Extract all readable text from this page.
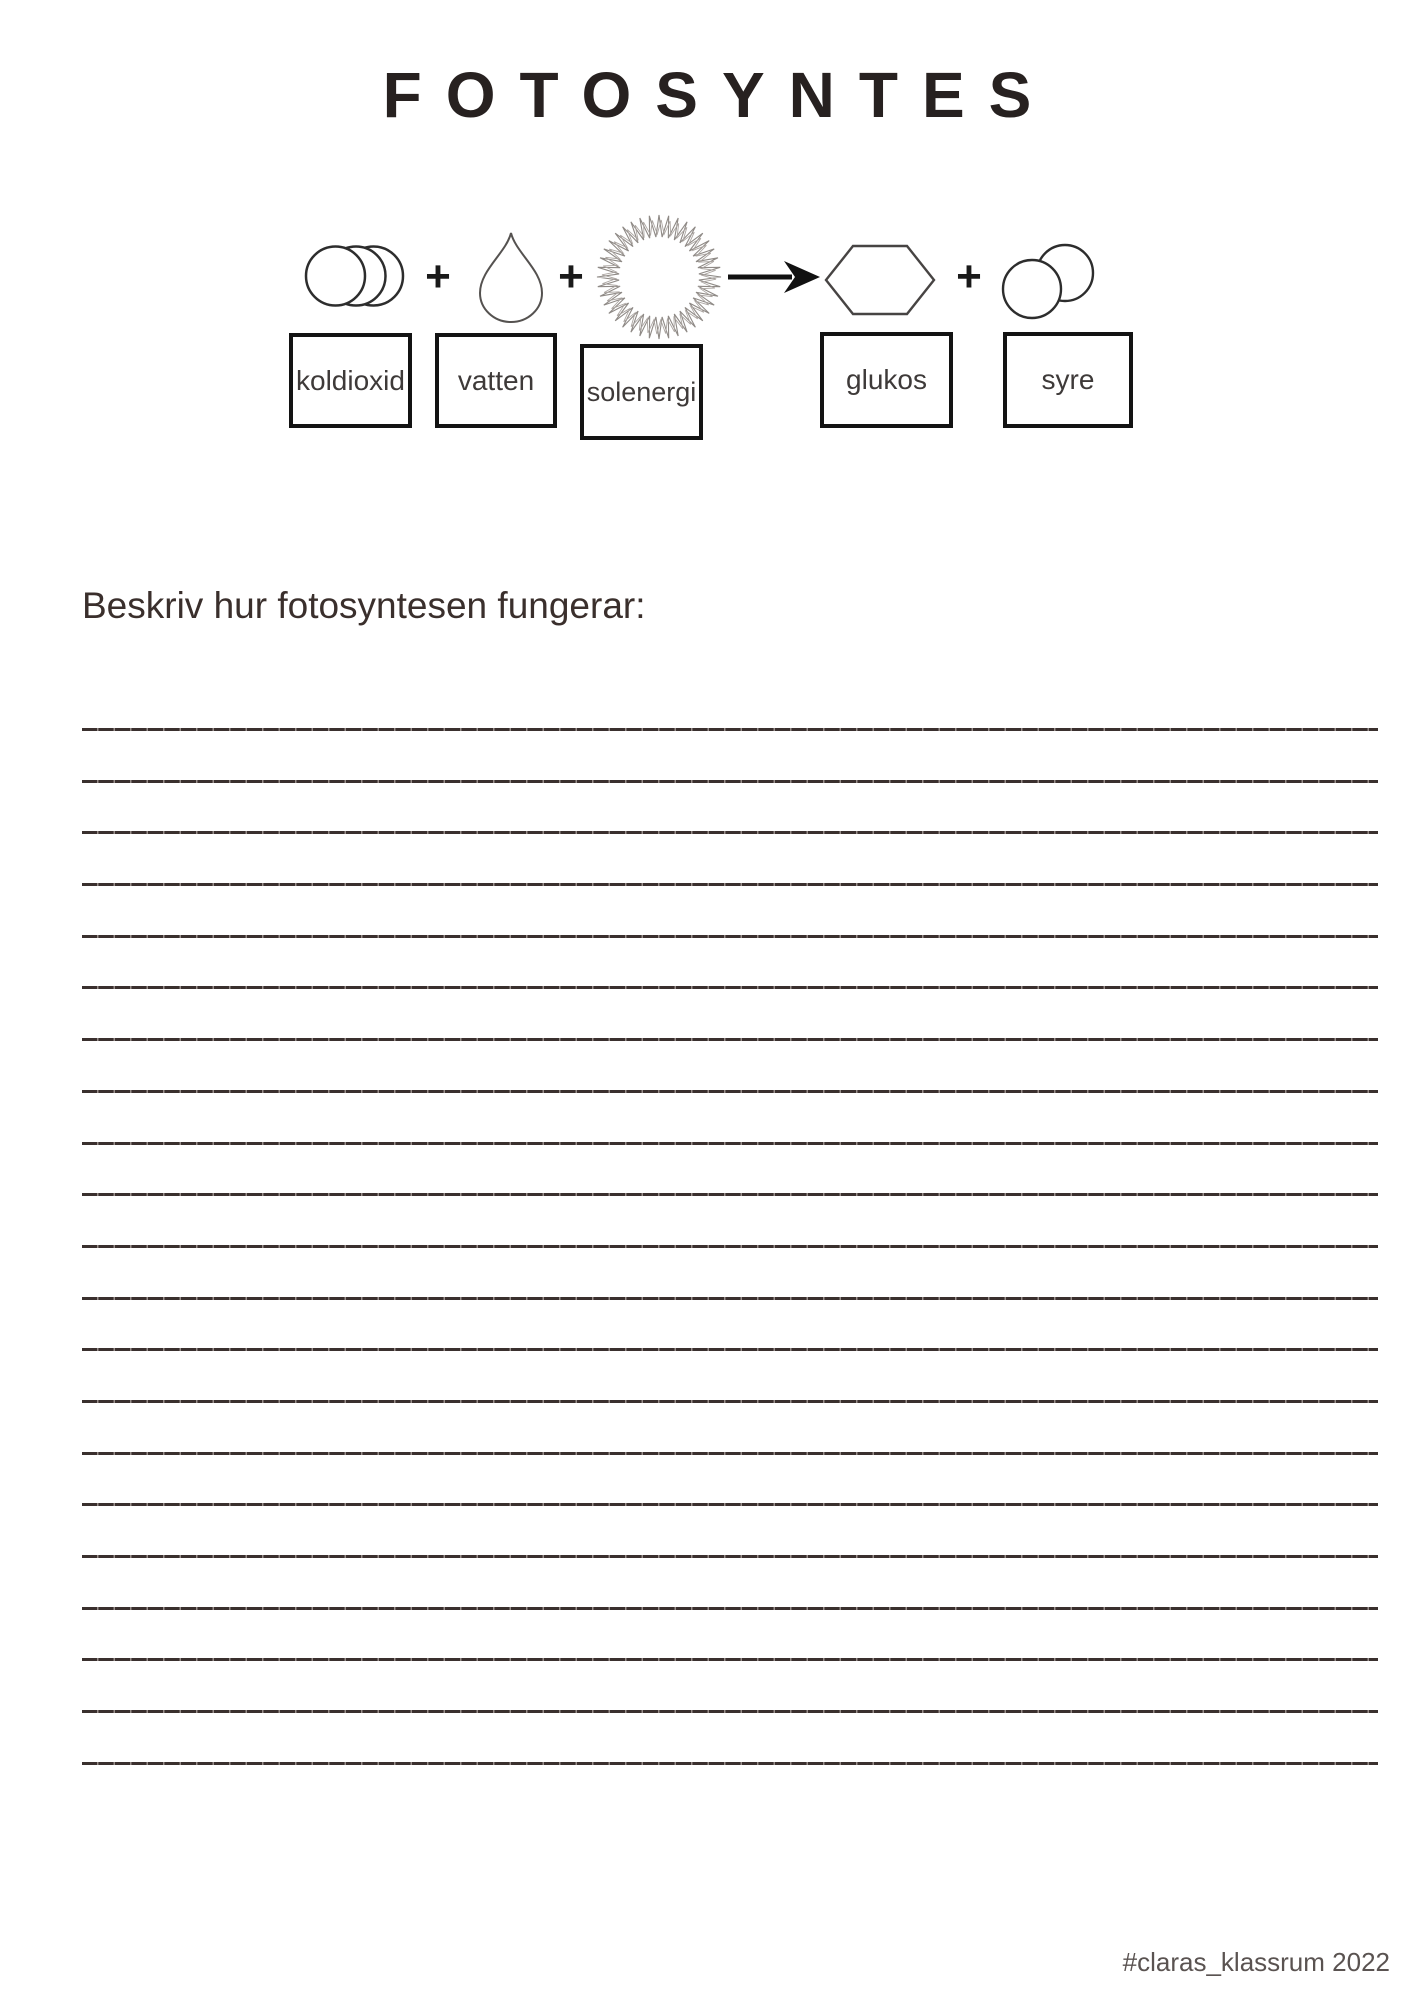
FOTOSYNTES
+ +	+
koldioxid vatten solenergi	glukos	syre
Beskriv hur fotosyntesen fungerar:
#claras_klassrum 2022
